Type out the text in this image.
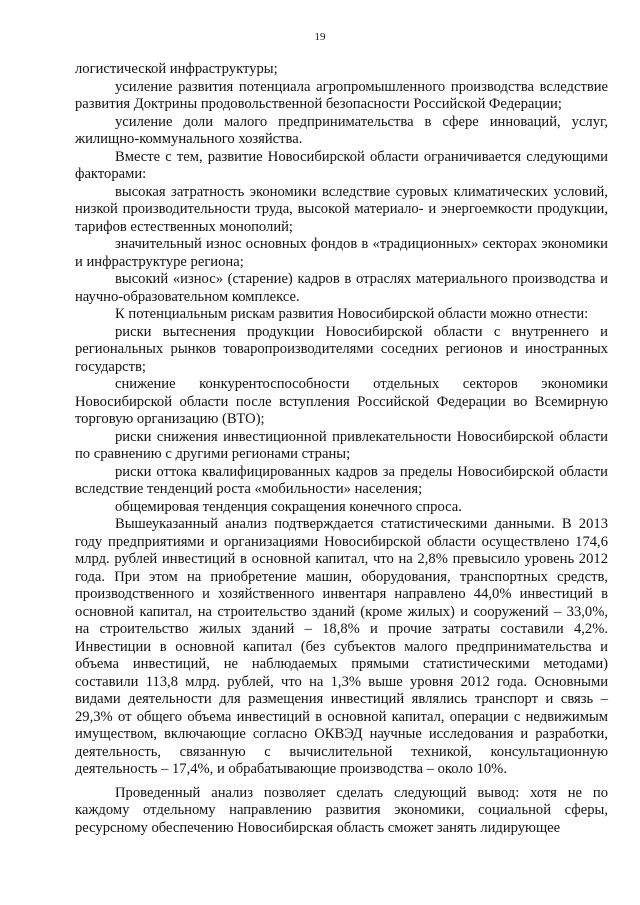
19

логистической инфраструктуры;

усиление развития потенциала агропромышленного производства вследствие развития Доктрины продовольственной безопасности Российской Федерации;

усиление доли малого предпринимательства в сфере инноваций, услуг, жилищно-коммунального хозяйства.

Вместе с тем, развитие Новосибирской области ограничивается следующими факторами:

высокая затратность экономики вследствие суровых климатических условий, низкой производительности труда, высокой материало- и энергоемкости продукции, тарифов естественных монополий;

значительный износ основных фондов в «традиционных» секторах экономики и инфраструктуре региона;

высокий «износ» (старение) кадров в отраслях материального производства и научно-образовательном комплексе.

К потенциальным рискам развития Новосибирской области можно отнести:

риски вытеснения продукции Новосибирской области с внутреннего и региональных рынков товаропроизводителями соседних регионов и иностранных государств;

снижение конкурентоспособности отдельных секторов экономики Новосибирской области после вступления Российской Федерации во Всемирную торговую организацию (ВТО);

риски снижения инвестиционной привлекательности Новосибирской области по сравнению с другими регионами страны;

риски оттока квалифицированных кадров за пределы Новосибирской области вследствие тенденций роста «мобильности» населения;

общемировая тенденция сокращения конечного спроса.

Вышеуказанный анализ подтверждается статистическими данными. В 2013 году предприятиями и организациями Новосибирской области осуществлено 174,6 млрд. рублей инвестиций в основной капитал, что на 2,8% превысило уровень 2012 года. При этом на приобретение машин, оборудования, транспортных средств, производственного и хозяйственного инвентаря направлено 44,0% инвестиций в основной капитал, на строительство зданий (кроме жилых) и сооружений – 33,0%, на строительство жилых зданий – 18,8% и прочие затраты составили 4,2%. Инвестиции в основной капитал (без субъектов малого предпринимательства и объема инвестиций, не наблюдаемых прямыми статистическими методами) составили 113,8 млрд. рублей, что на 1,3% выше уровня 2012 года. Основными видами деятельности для размещения инвестиций являлись транспорт и связь – 29,3% от общего объема инвестиций в основной капитал, операции с недвижимым имуществом, включающие согласно ОКВЭД научные исследования и разработки, деятельность, связанную с вычислительной техникой, консультационную деятельность – 17,4%, и обрабатывающие производства – около 10%.

Проведенный анализ позволяет сделать следующий вывод: хотя не по каждому отдельному направлению развития экономики, социальной сферы, ресурсному обеспечению Новосибирская область сможет занять лидирующее
